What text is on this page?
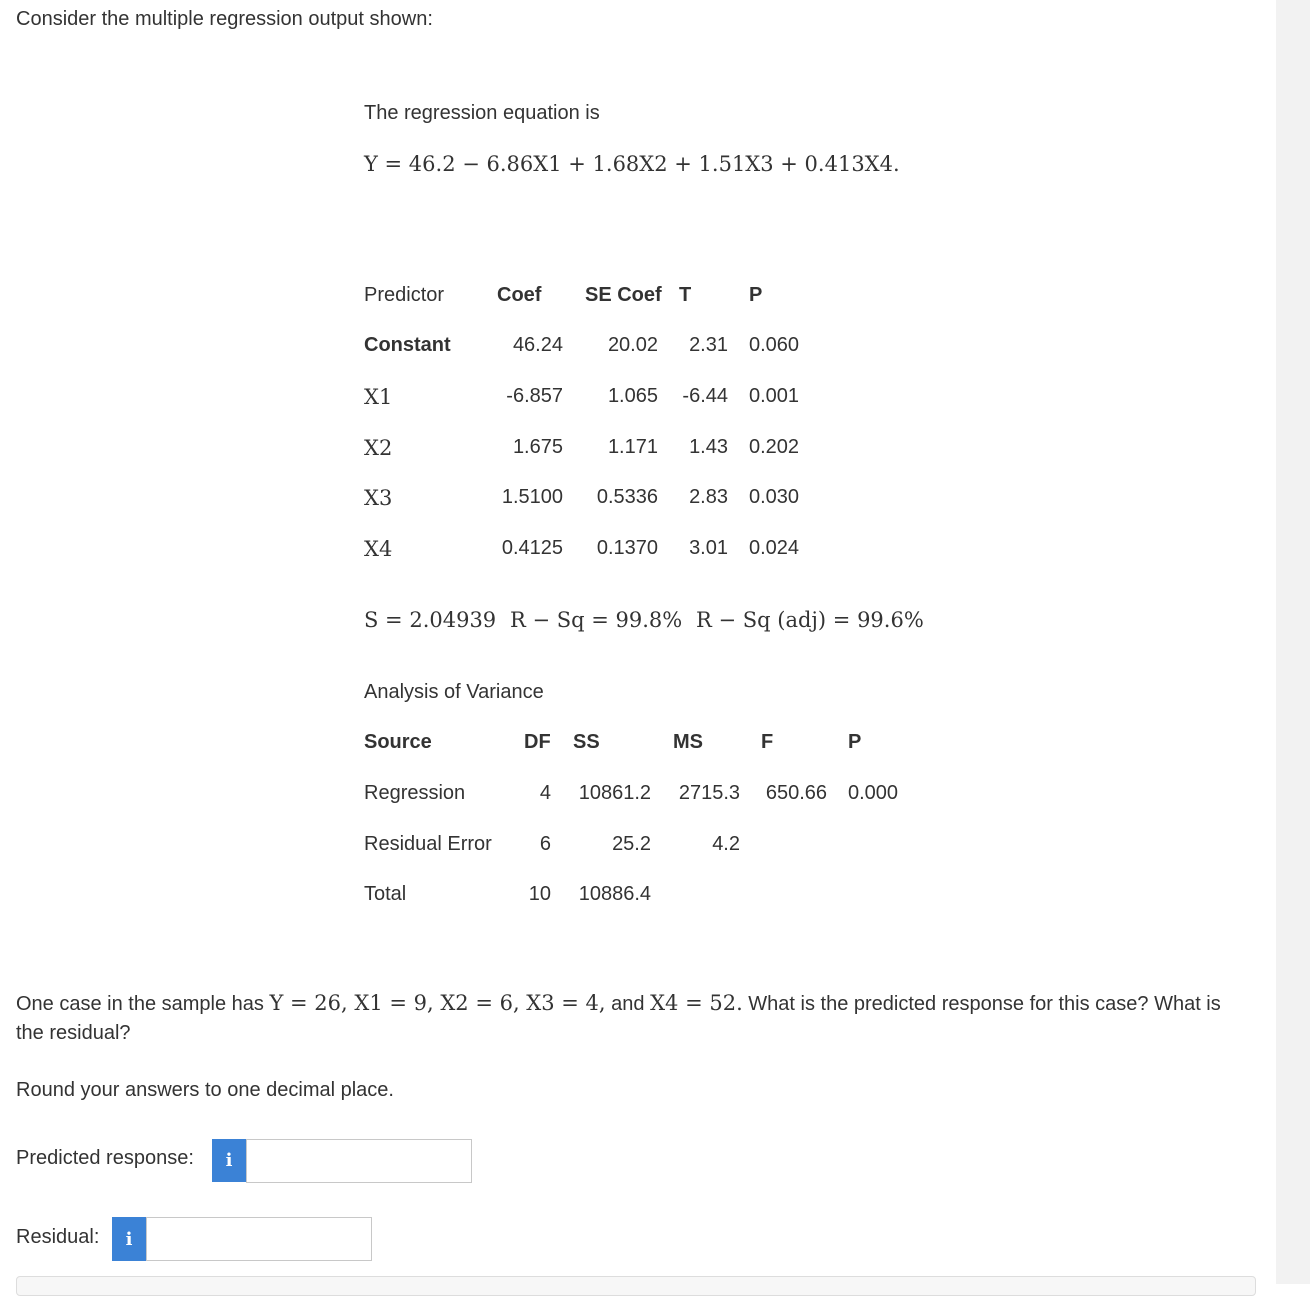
Consider the multiple regression output shown:
The regression equation is
Y = 46.2 − 6.86X1 + 1.68X2 + 1.51X3 + 0.413X4.
Predictor	Coef SE Coef T	P
Constant	46.24	20.02	2.31 0.060
X1	-6.857	1.065	-6.44 0.001
X2	1.675	1.171	1.43 0.202
X3	1.5100	0.5336	2.83 0.030
X4	0.4125	0.1370	3.01 0.024
S = 2.04939 R − Sq = 99.8% R − Sq (adj) = 99.6%
Analysis of Variance
Source	DF SS	MS	F	P
Regression	4	10861.2	2715.3	650.66 0.000
Residual Error	6	25.2	4.2
Total	10	10886.4
One case in the sample has Y = 26, X1 = 9, X2 = 6, X3 = 4, and X4 = 52. What is the predicted response for this case? What is
the residual?
Round your answers to one decimal place.
Predicted response:	i
Residual:	i
